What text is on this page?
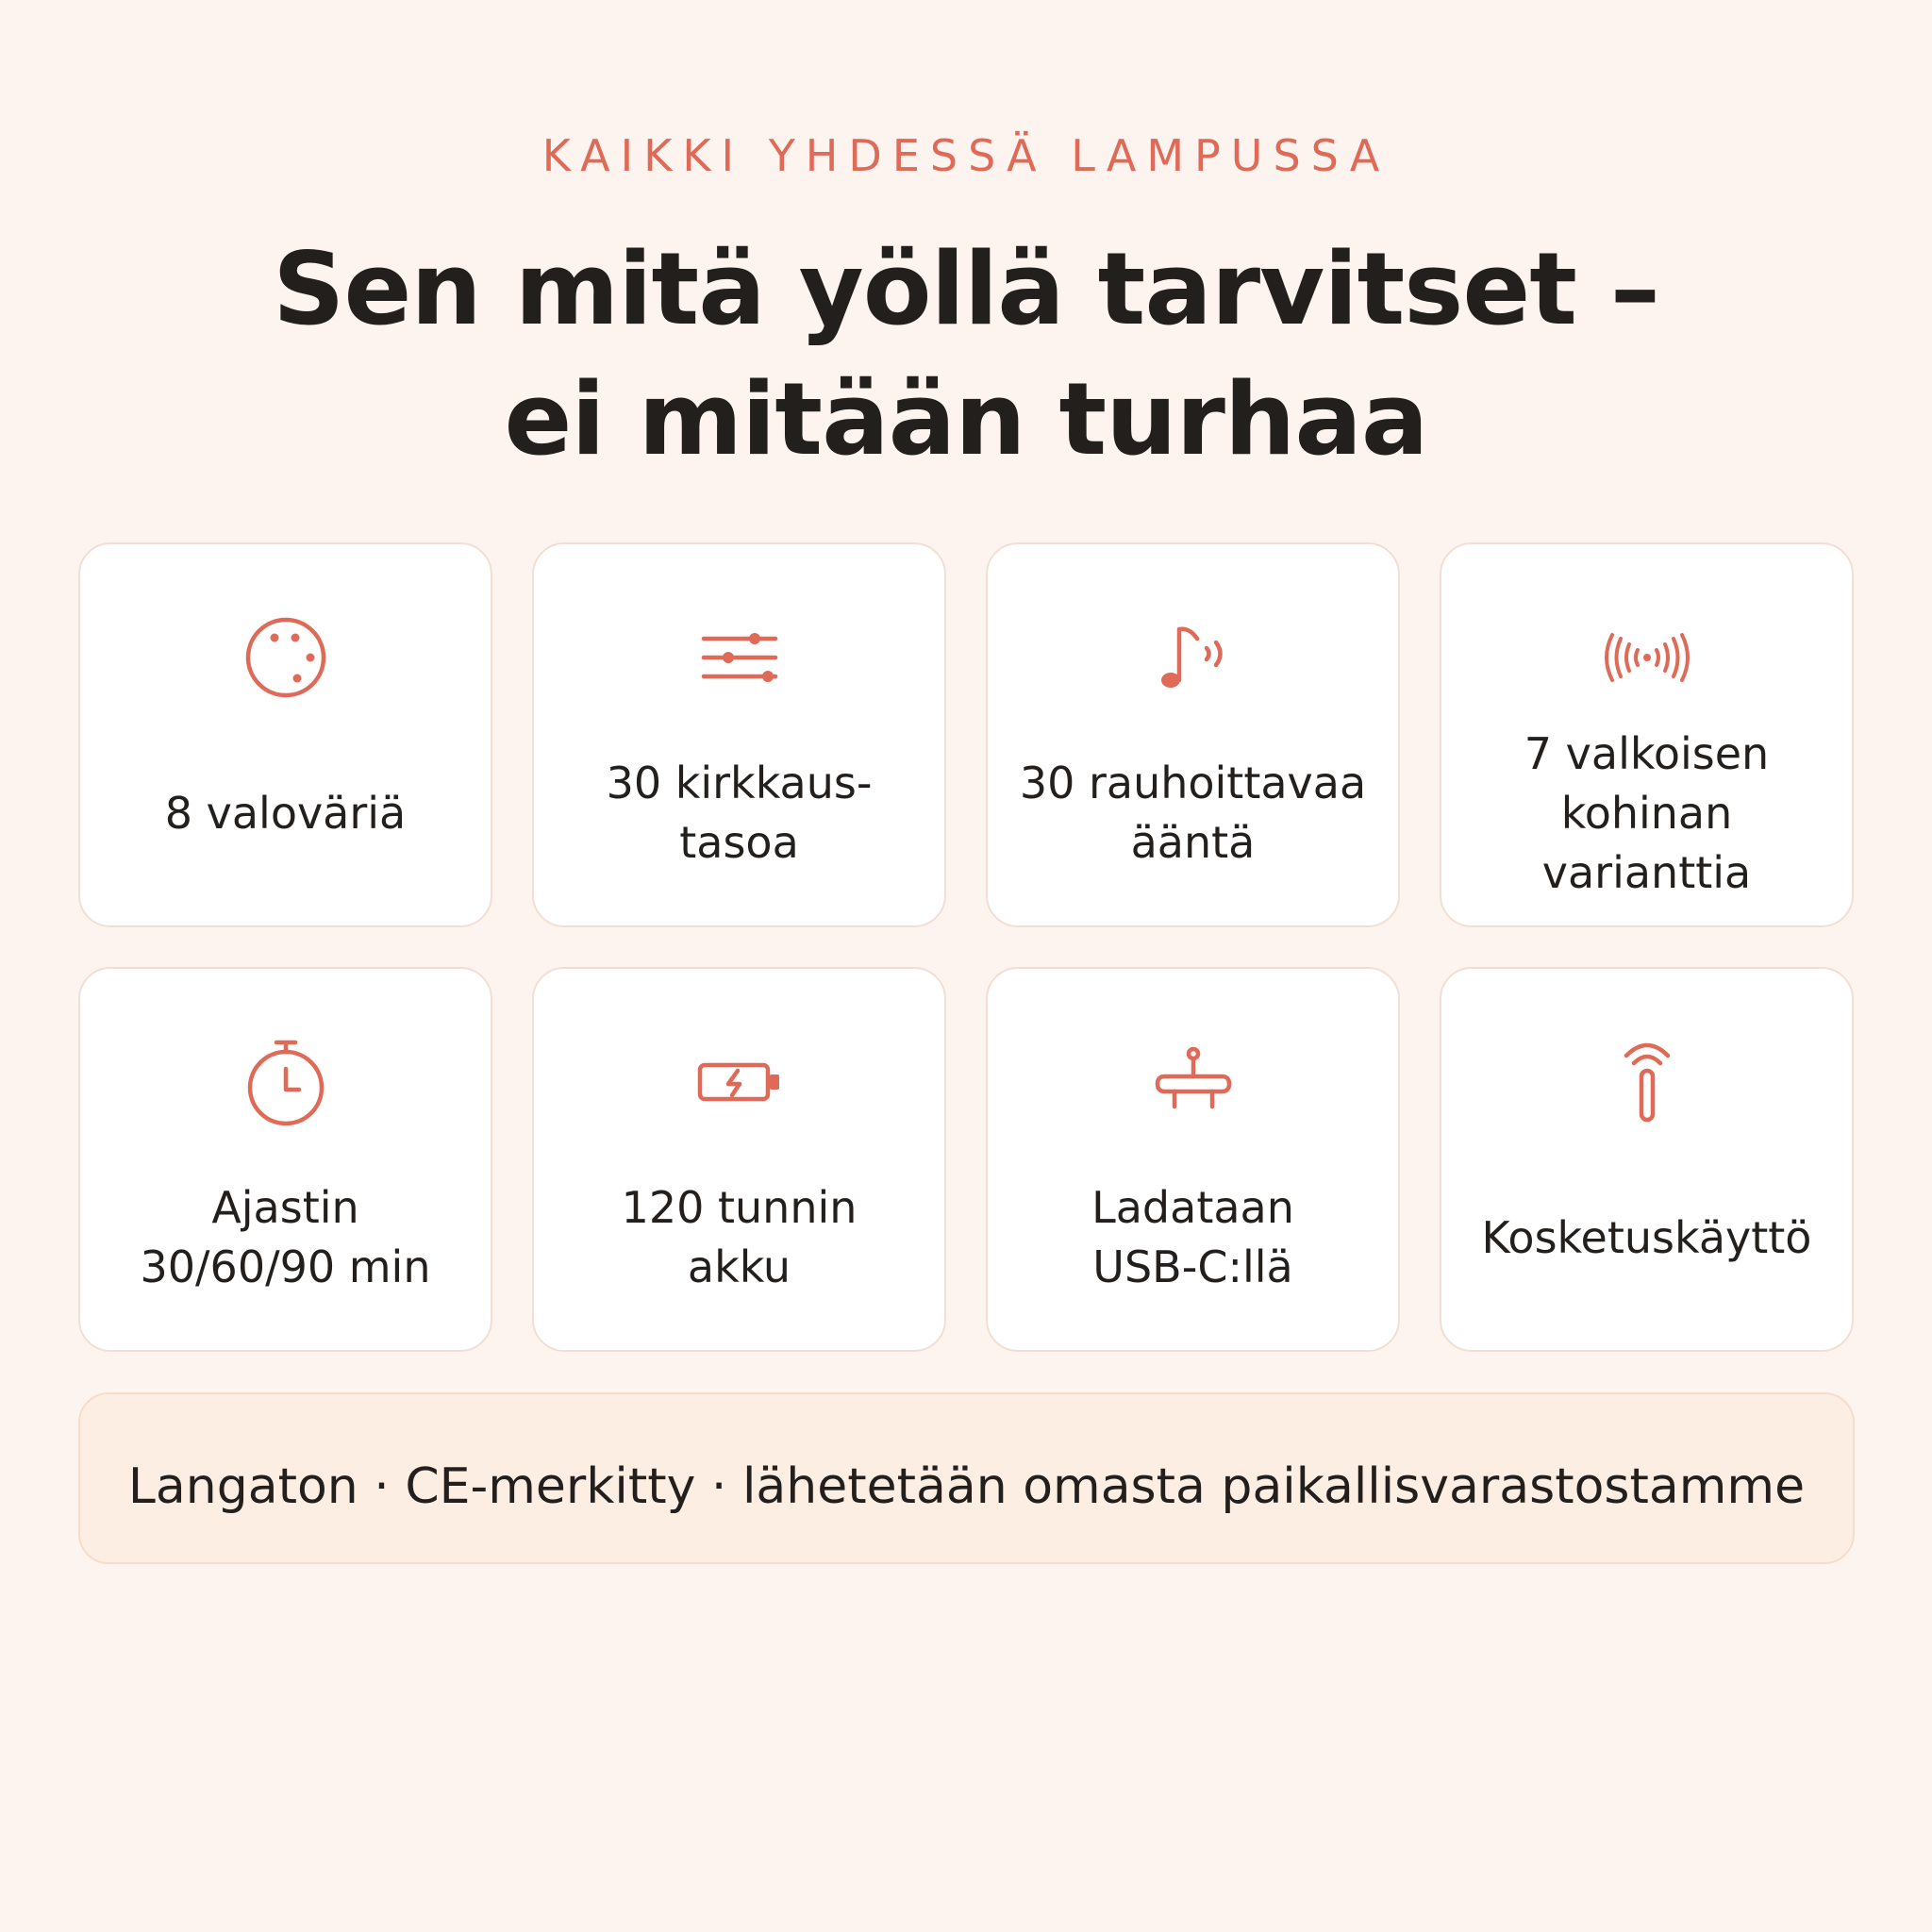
KAIKKI YHDESSÄ LAMPUSSA
Sen mitä yöllä tarvitset –
ei mitään turhaa
8 valoväriä
30 kirkkaus-
tasoa
30 rauhoittavaa
ääntä
7 valkoisen
kohinan
varianttia
Ajastin
30/60/90 min
120 tunnin
akku
Ladataan
USB-C:llä
Kosketuskäyttö
Langaton · CE-merkitty · lähetetään omasta paikallisvarastostamme
